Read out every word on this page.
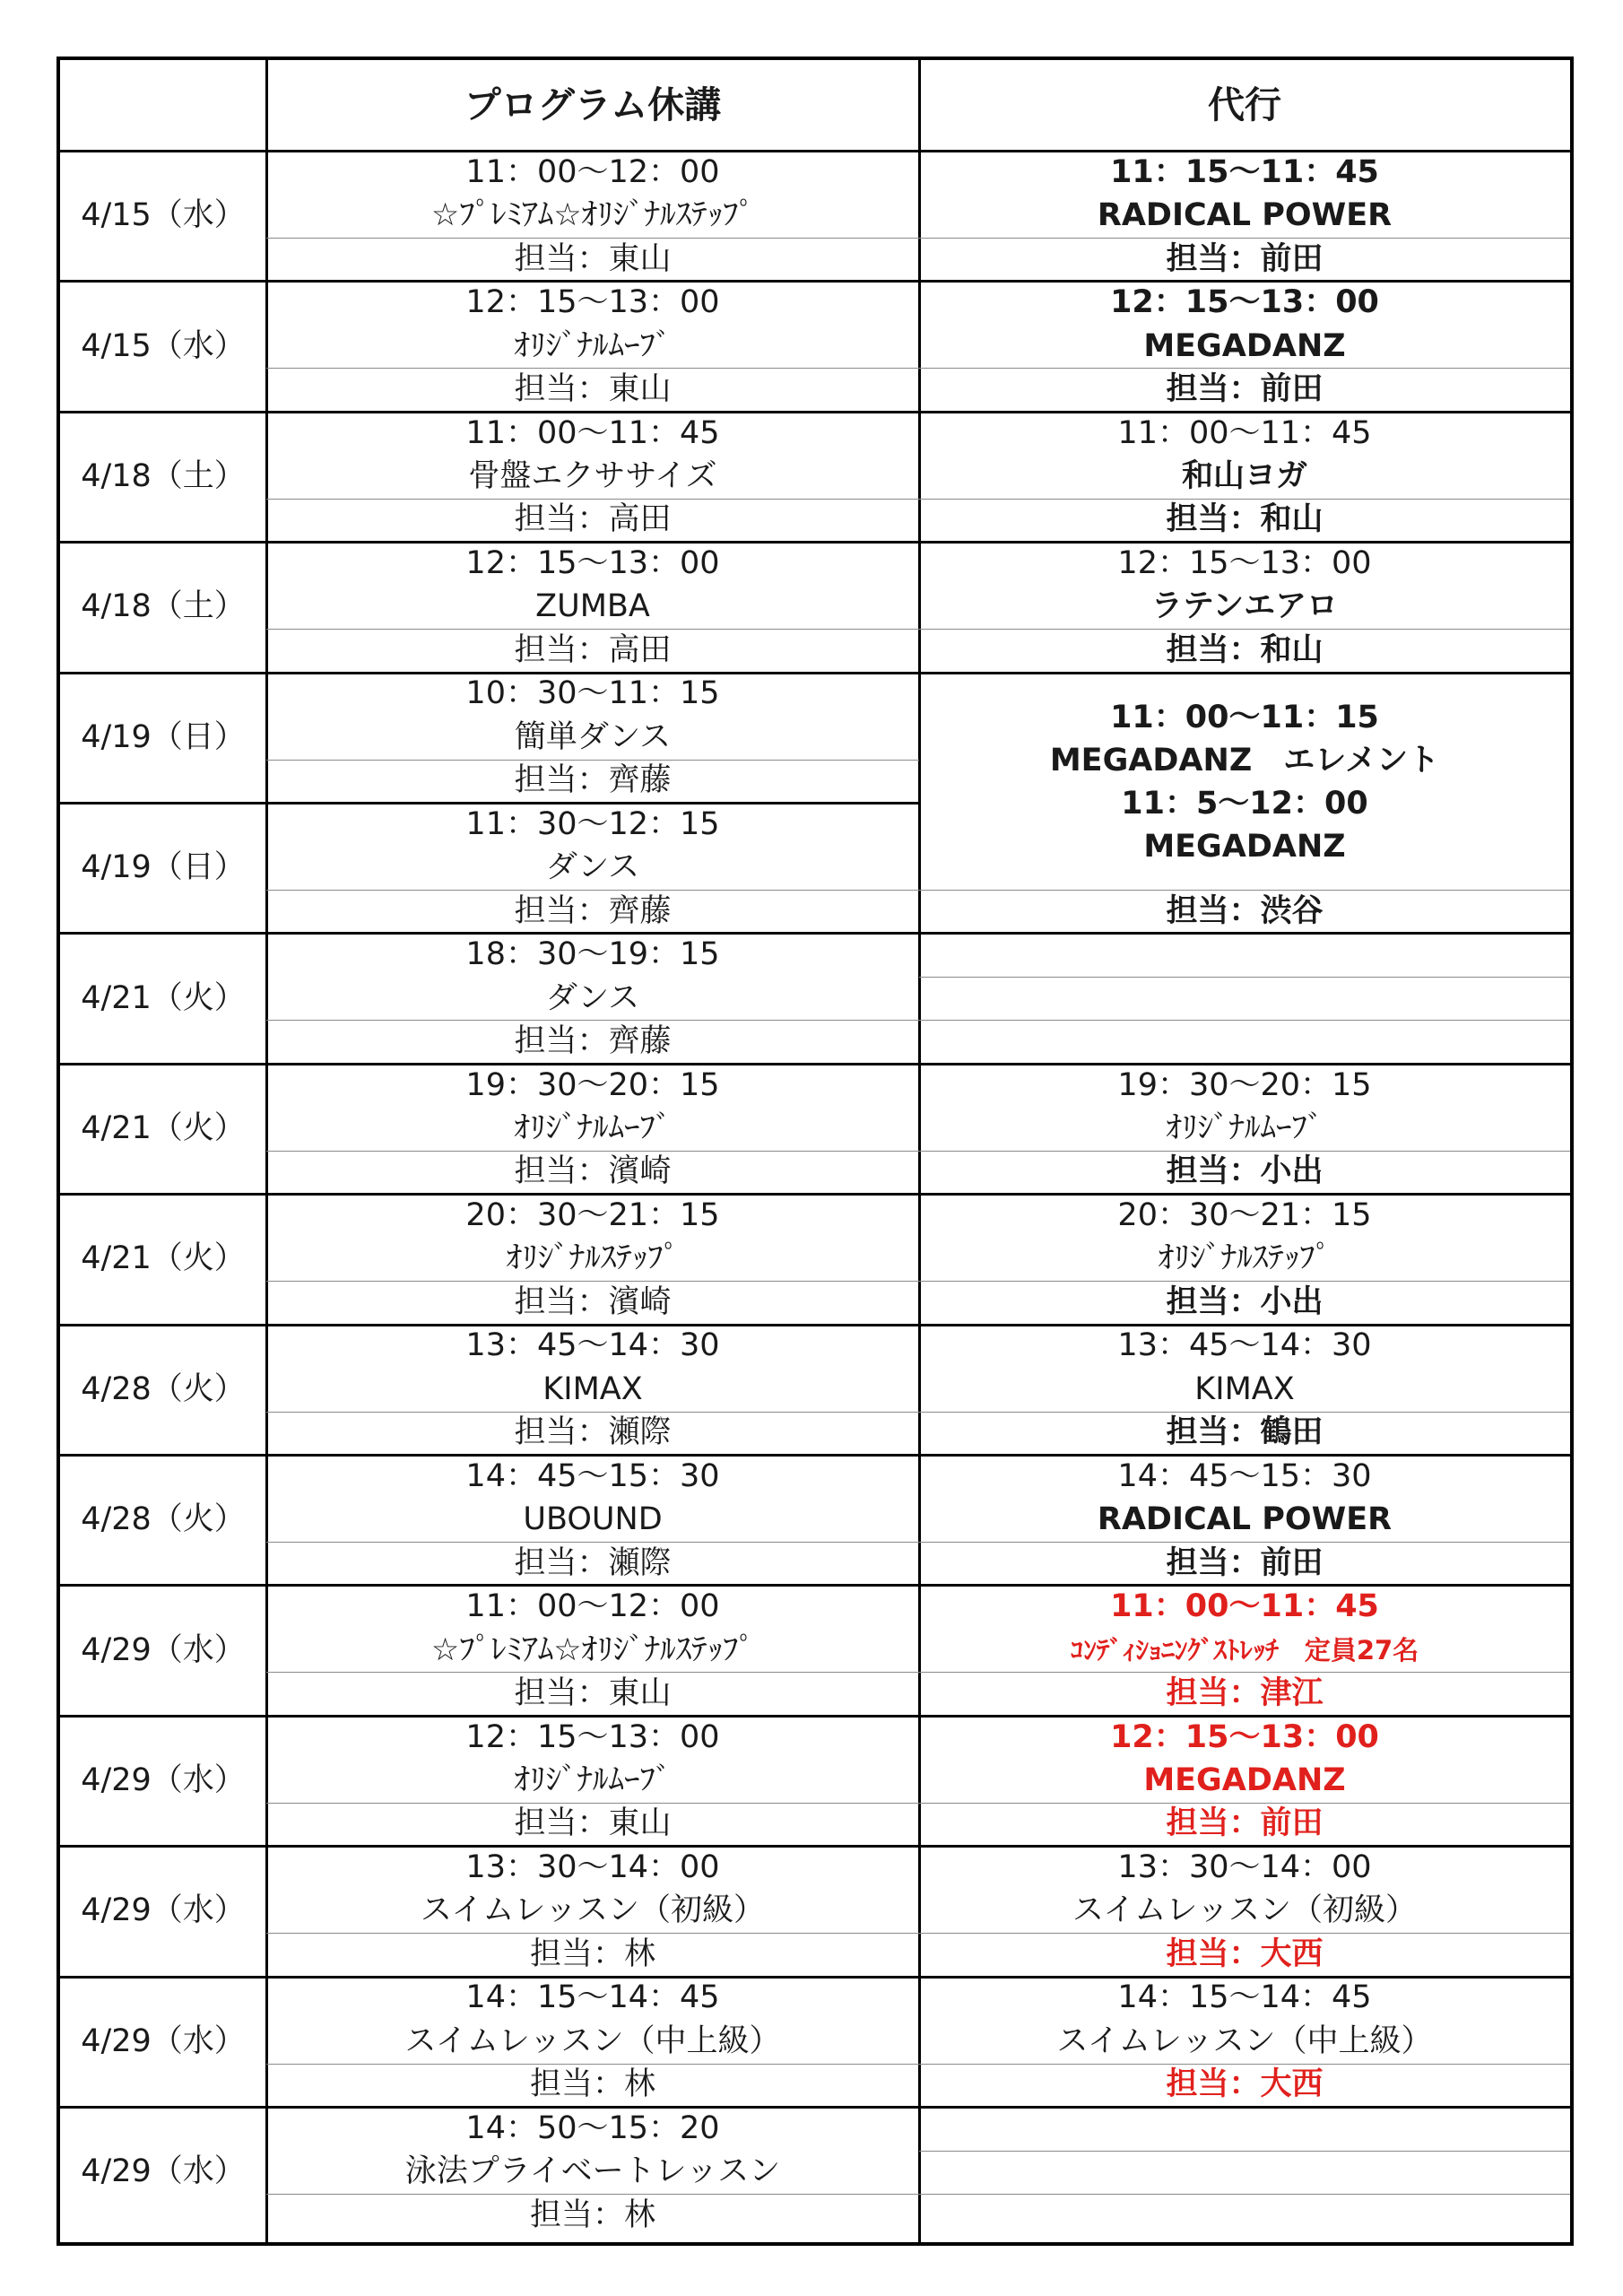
プログラム休講	代行
4/15（水）
11：00～12：00
☆ﾌﾟﾚﾐｱﾑ☆ｵﾘｼﾞﾅﾙｽﾃｯﾌﾟ
担当：東山
11：15～11：45
RADICAL POWER
担当：前田
4/15（水）
12：15～13：00
ｵﾘｼﾞﾅﾙﾑｰﾌﾞ
担当：東山
12：15～13：00
MEGADANZ
担当：前田
4/18（土）
11：00～11：45
骨盤エクササイズ
担当：高田
11：00～11：45
和山ヨガ
担当：和山
4/18（土）
12：15～13：00
ZUMBA
担当：高田
12：15～13：00
ラテンエアロ
担当：和山
4/19（日）
10：30～11：15
簡単ダンス
担当：齊藤
4/19（日）
11：30～12：15
ダンス
担当：齊藤
4/21（火）
18：30～19：15
ダンス
担当：齊藤
4/21（火）
19：30～20：15
ｵﾘｼﾞﾅﾙﾑｰﾌﾞ
担当：濱崎
19：30～20：15
ｵﾘｼﾞﾅﾙﾑｰﾌﾞ
担当：小出
4/21（火）
20：30～21：15
ｵﾘｼﾞﾅﾙｽﾃｯﾌﾟ
担当：濱崎
20：30～21：15
ｵﾘｼﾞﾅﾙｽﾃｯﾌﾟ
担当：小出
4/28（火）
13：45～14：30
KIMAX
担当：瀬際
13：45～14：30
KIMAX
担当：鶴田
4/28（火）
14：45～15：30
UBOUND
担当：瀬際
14：45～15：30
RADICAL POWER
担当：前田
4/29（水）
11：00～12：00
☆ﾌﾟﾚﾐｱﾑ☆ｵﾘｼﾞﾅﾙｽﾃｯﾌﾟ
担当：東山
11：00～11：45
ｺﾝﾃﾞｨｼｮﾆﾝｸﾞｽﾄﾚｯﾁ　定員27名
担当：津江
4/29（水）
12：15～13：00
ｵﾘｼﾞﾅﾙﾑｰﾌﾞ
担当：東山
12：15～13：00
MEGADANZ
担当：前田
4/29（水）
13：30～14：00
スイムレッスン（初級）
担当：林
13：30～14：00
スイムレッスン（初級）
担当：大西
4/29（水）
14：15～14：45
スイムレッスン（中上級）
担当：林
14：15～14：45
スイムレッスン（中上級）
担当：大西
4/29（水）
14：50～15：20
泳法プライベートレッスン
担当：林
11：00～11：15
MEGADANZ　エレメント
11：5～12：00
MEGADANZ
担当：渋谷
